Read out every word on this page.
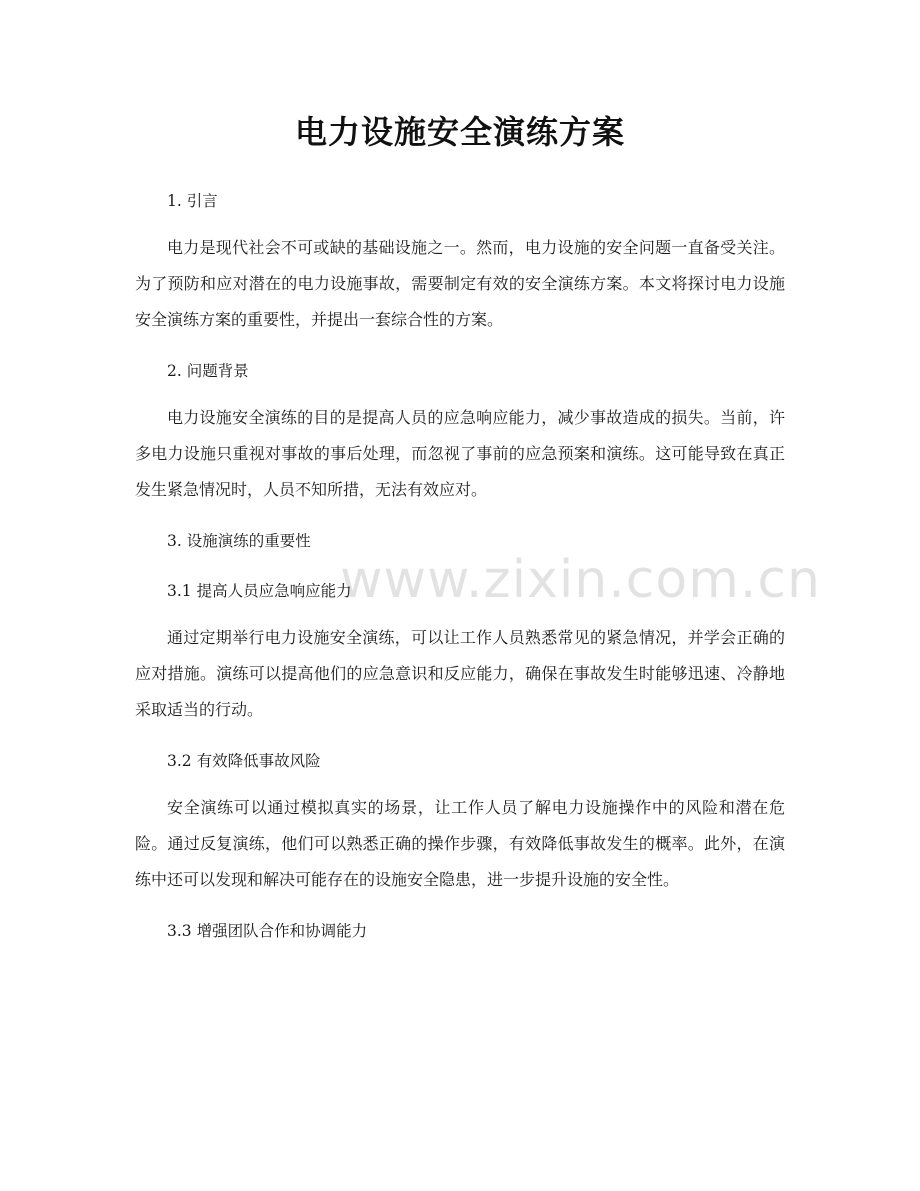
电力设施安全演练方案
1. 引言

电力是现代社会不可或缺的基础设施之一。然而，电力设施的安全问题一直备受关注。为了预防和应对潜在的电力设施事故，需要制定有效的安全演练方案。本文将探讨电力设施安全演练方案的重要性，并提出一套综合性的方案。

2. 问题背景

电力设施安全演练的目的是提高人员的应急响应能力，减少事故造成的损失。当前，许多电力设施只重视对事故的事后处理，而忽视了事前的应急预案和演练。这可能导致在真正发生紧急情况时，人员不知所措，无法有效应对。

3. 设施演练的重要性
3.1 提高人员应急响应能力

通过定期举行电力设施安全演练，可以让工作人员熟悉常见的紧急情况，并学会正确的应对措施。演练可以提高他们的应急意识和反应能力，确保在事故发生时能够迅速、冷静地采取适当的行动。

3.2 有效降低事故风险

安全演练可以通过模拟真实的场景，让工作人员了解电力设施操作中的风险和潜在危险。通过反复演练，他们可以熟悉正确的操作步骤，有效降低事故发生的概率。此外，在演练中还可以发现和解决可能存在的设施安全隐患，进一步提升设施的安全性。

3.3 增强团队合作和协调能力
www.zixin.com.cn
